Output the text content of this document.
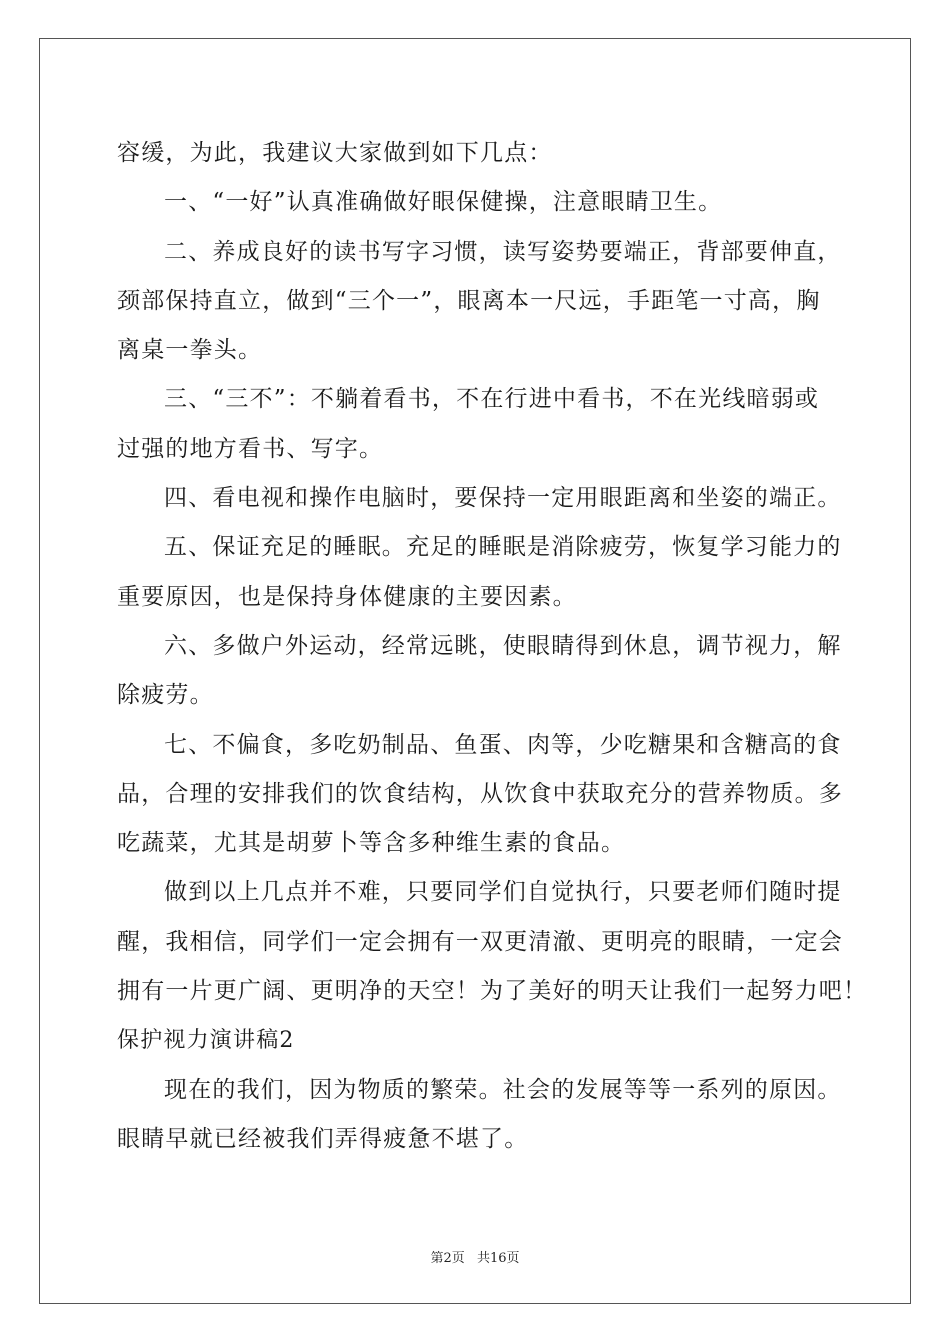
容缓，为此，我建议大家做到如下几点：
一、“一好”认真准确做好眼保健操，注意眼睛卫生。
二、养成良好的读书写字习惯，读写姿势要端正，背部要伸直，
颈部保持直立，做到“三个一”，眼离本一尺远，手距笔一寸高，胸
离桌一拳头。
三、“三不”：不躺着看书，不在行进中看书，不在光线暗弱或
过强的地方看书、写字。
四、看电视和操作电脑时，要保持一定用眼距离和坐姿的端正。
五、保证充足的睡眠。充足的睡眠是消除疲劳，恢复学习能力的
重要原因，也是保持身体健康的主要因素。
六、多做户外运动，经常远眺，使眼睛得到休息，调节视力，解
除疲劳。
七、不偏食，多吃奶制品、鱼蛋、肉等，少吃糖果和含糖高的食
品，合理的安排我们的饮食结构，从饮食中获取充分的营养物质。多
吃蔬菜，尤其是胡萝卜等含多种维生素的食品。
做到以上几点并不难，只要同学们自觉执行，只要老师们随时提
醒，我相信，同学们一定会拥有一双更清澈、更明亮的眼睛，一定会
拥有一片更广阔、更明净的天空！为了美好的明天让我们一起努力吧！
保护视力演讲稿2
现在的我们，因为物质的繁荣。社会的发展等等一系列的原因。
眼睛早就已经被我们弄得疲惫不堪了。
第2页 共16页
